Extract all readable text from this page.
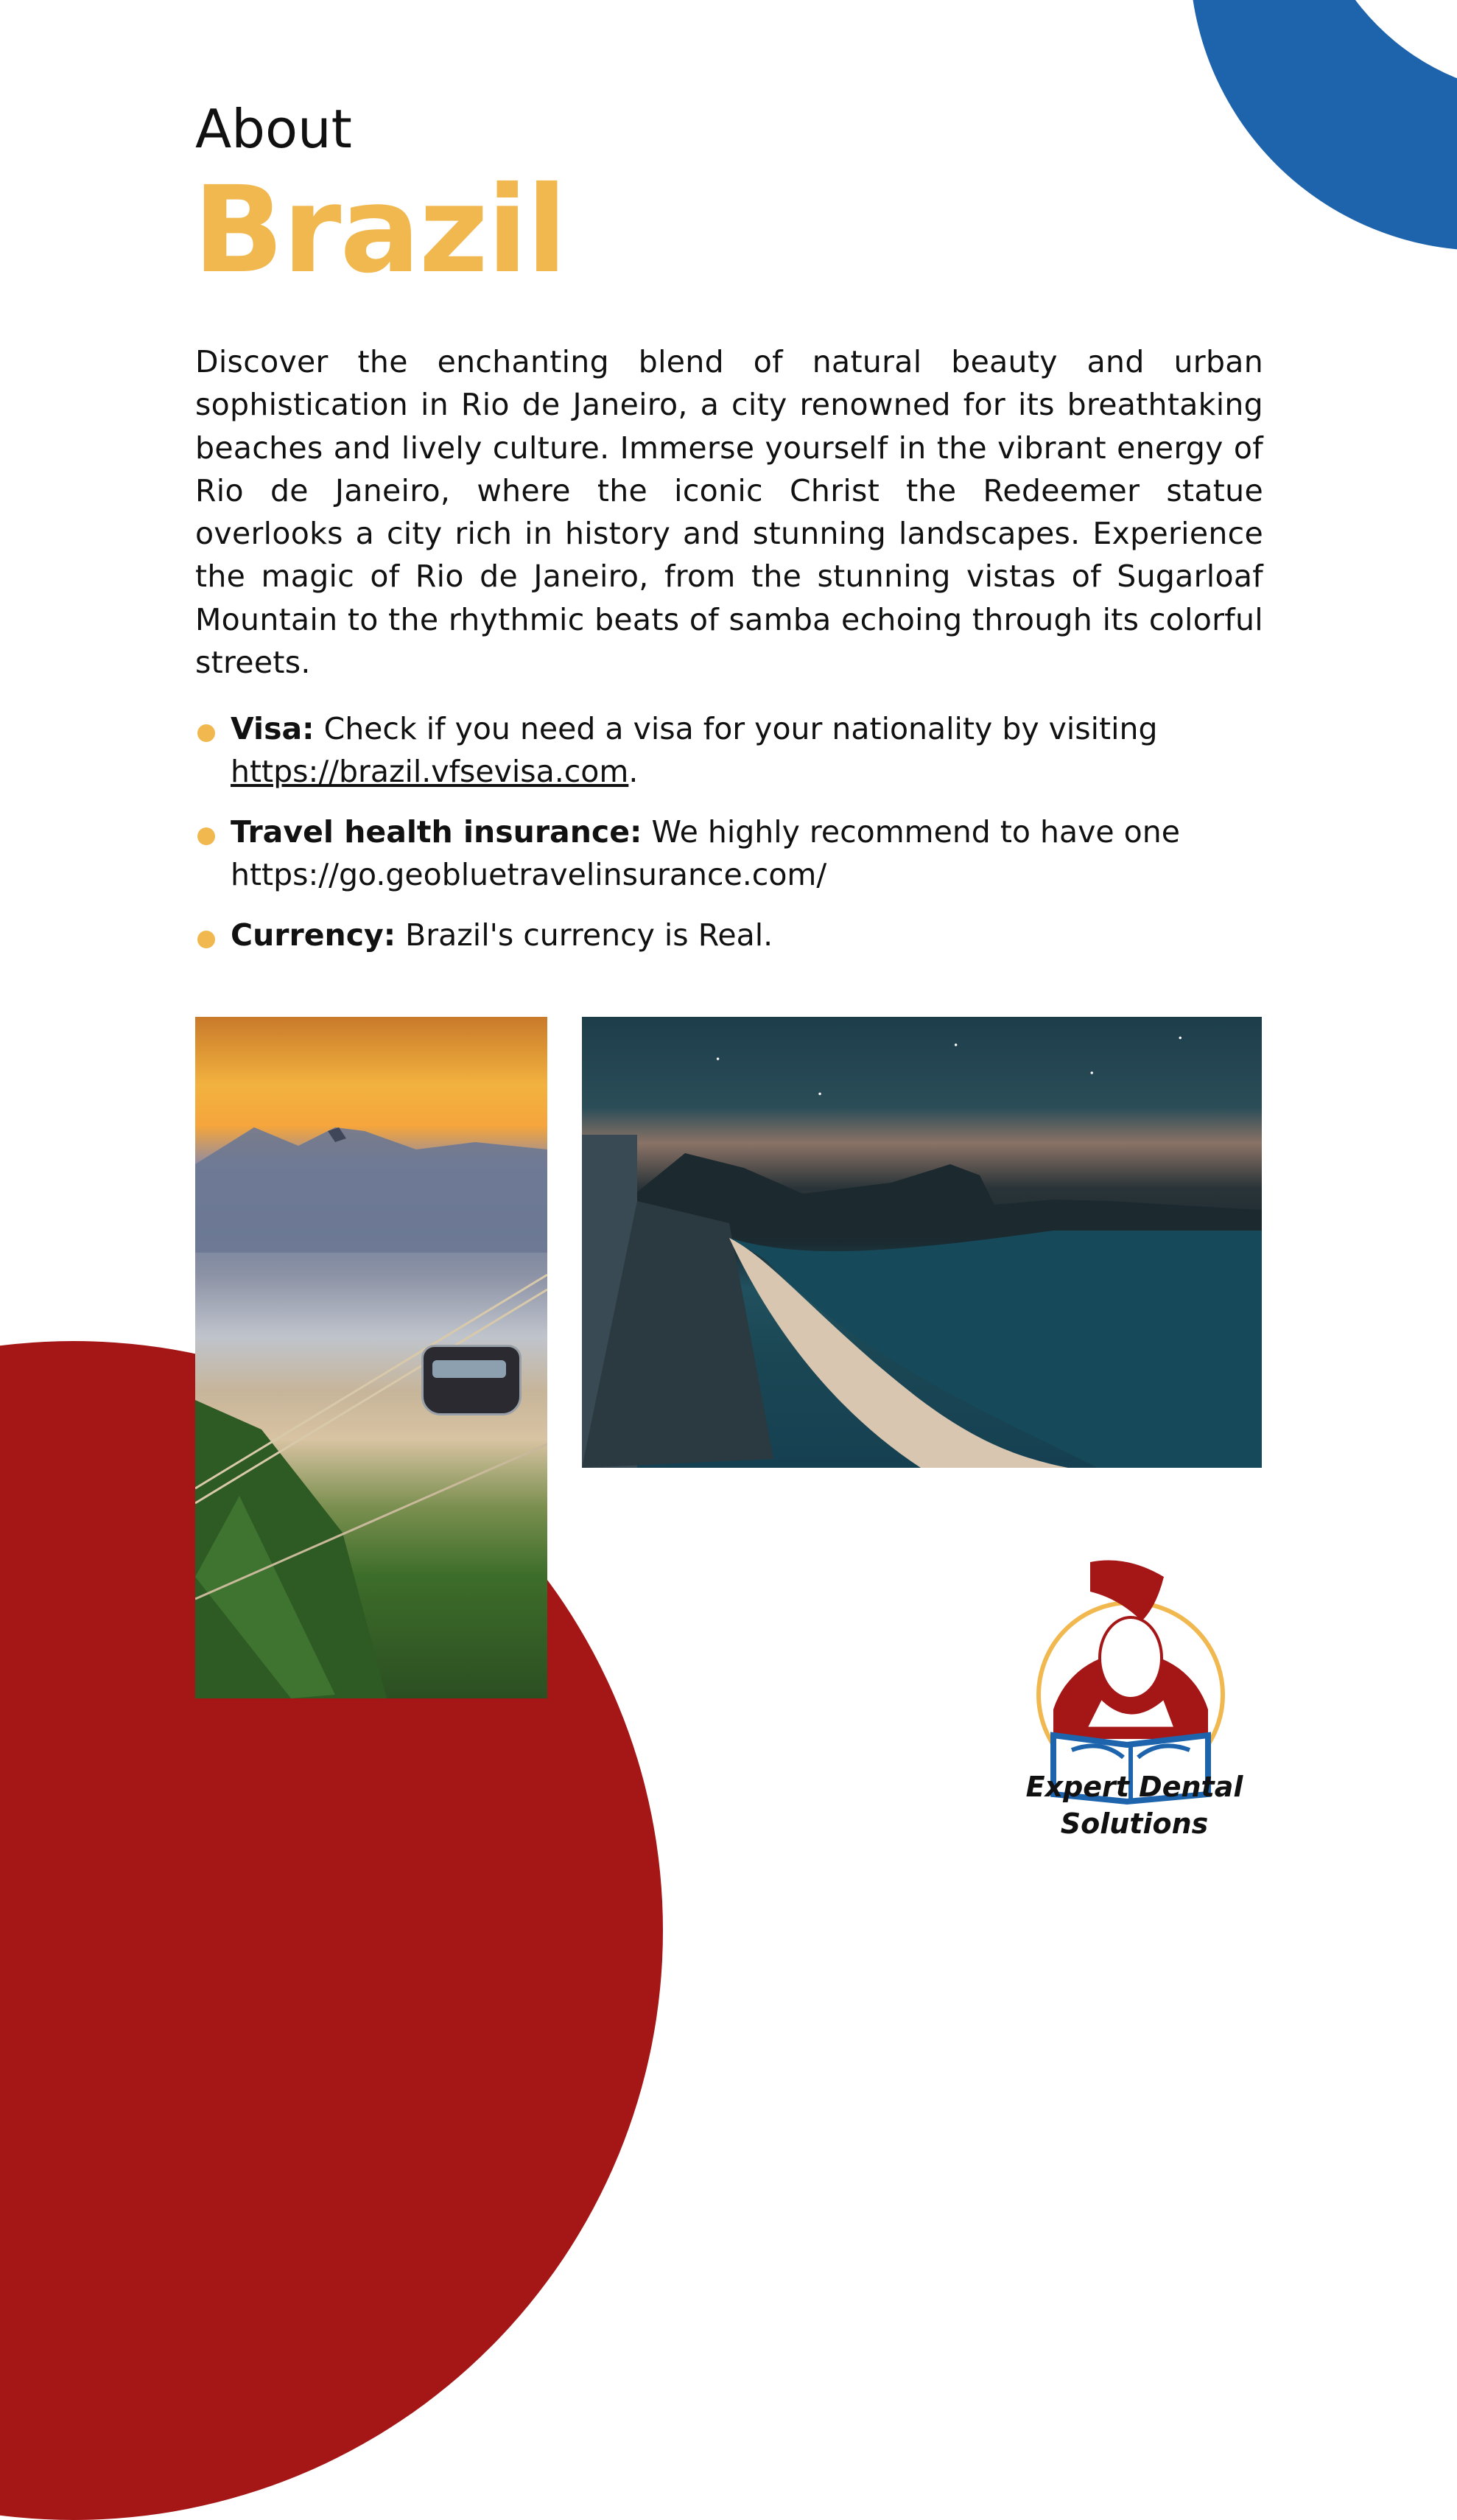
About
Brazil

Discover the enchanting blend of natural beauty and urban sophistication in Rio de Janeiro, a city renowned for its breathtaking beaches and lively culture. Immerse yourself in the vibrant energy of Rio de Janeiro, where the iconic Christ the Redeemer statue overlooks a city rich in history and stunning landscapes. Experience the magic of Rio de Janeiro, from the stunning vistas of Sugarloaf Mountain to the rhythmic beats of samba echoing through its colorful streets.

Visa: Check if you need a visa for your nationality by visiting
https://brazil.vfsevisa.com.
Travel health insurance: We highly recommend to have one https://go.geobluetravelinsurance.com/
Currency: Brazil's currency is Real.

Expert Dental
Solutions
